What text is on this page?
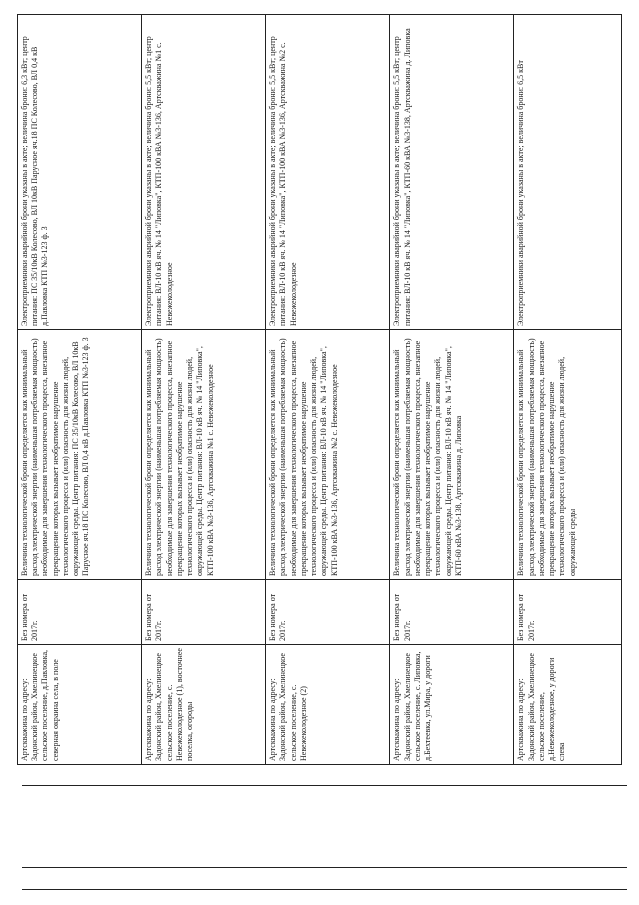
Артскважина по адресу: Задонский район, Хмелинецкое сельское поселение, д.Павловка, северная окраина села, в поле	Без номера от 2017г.	Величина технологической брони определяется как минимальный расход электрической энергии (наименьшая потребляемая мощность) необходимые для завершения технологического процесса, внезапное прекращение которых вызывает необратимое нарушение технологического процесса и (или) опасность для жизни людей, окружающей среды. Центр питания: ПС 35/10кВ Колесово, ВЛ 10кВ Парусное яч.18 ПС Колесово, ВЛ 0,4 кВ д.Павловка КТП №3-123 ф. 3	Электроприемники аварийной брони указаны в акте; величина брони: 6,3 кВт; центр питания: ПС 35/10кВ Колесово, ВЛ 10кВ Парусное яч.18 ПС Колесово, ВЛ 0,4 кВ д.Павловка КТП №3-123 ф. 3
Артскважина по адресу: Задонский район, Хмелинецкое сельское поселение, с. Невежеколодезное (1), восточнее поселка, огороды	Без номера от 2017г.	Величина технологической брони определяется как минимальный расход электрической энергии (наименьшая потребляемая мощность) необходимые для завершения технологического процесса, внезапное прекращение которых вызывает необратимое нарушение технологического процесса и (или) опасность для жизни людей, окружающей среды. Центр питания: ВЛ-10 кВ яч. № 14 "Липовка", КТП-100 кВА №3-136, Артскважина №1 с. Невежеколодезное	Электроприемники аварийной брони указаны в акте; величина брони: 5,5 кВт; центр питания: ВЛ-10 кВ яч. № 14 "Липовка", КТП-100 кВА №3-136, Артскважина №1 с. Невежеколодезное
Артскважина по адресу: Задонский район, Хмелинецкое сельское поселение, с. Невежеколодезное (2)	Без номера от 2017г.	Величина технологической брони определяется как минимальный расход электрической энергии (наименьшая потребляемая мощность) необходимые для завершения технологического процесса, внезапное прекращение которых вызывает необратимое нарушение технологического процесса и (или) опасность для жизни людей, окружающей среды. Центр питания: ВЛ-10 кВ яч. № 14 "Липовка", КТП-100 кВА №3-136, Артскважина №2 с. Невежеколодезное	Электроприемники аварийной брони указаны в акте; величина брони: 5,5 кВт; центр питания: ВЛ-10 кВ яч. № 14 "Липовка", КТП-100 кВА №3-136, Артскважина №2 с. Невежеколодезное
Артскважина по адресу: Задонский район, Хмелинецкое сельское поселение, с. Липовка, д.Бехтеевка, ул.Мира, у дороги	Без номера от 2017г.	Величина технологической брони определяется как минимальный расход электрической энергии (наименьшая потребляемая мощность) необходимые для завершения технологического процесса, внезапное прекращение которых вызывает необратимое нарушение технологического процесса и (или) опасность для жизни людей, окружающей среды. Центр питания: ВЛ-10 кВ яч. № 14 "Липовка", КТП-60 кВА №3-138, Артскважина д. Липовка	Электроприемники аварийной брони указаны в акте; величина брони: 5,5 кВт; центр питания: ВЛ-10 кВ яч. № 14 "Липовка", КТП-60 кВА №3-138, Артскважина д. Липовка
Артскважина по адресу: Задонский район, Хмелинецкое сельское поселение, д.Невежеколодезное, у дороги слева	Без номера от 2017г.	Величина технологической брони определяется как минимальный расход электрической энергии (наименьшая потребляемая мощность) необходимые для завершения технологического процесса, внезапное прекращение которых вызывает необратимое нарушение технологического процесса и (или) опасность для жизни людей, окружающей среды	Электроприемники аварийной брони указаны в акте; величина брони: 6,5 кВт
